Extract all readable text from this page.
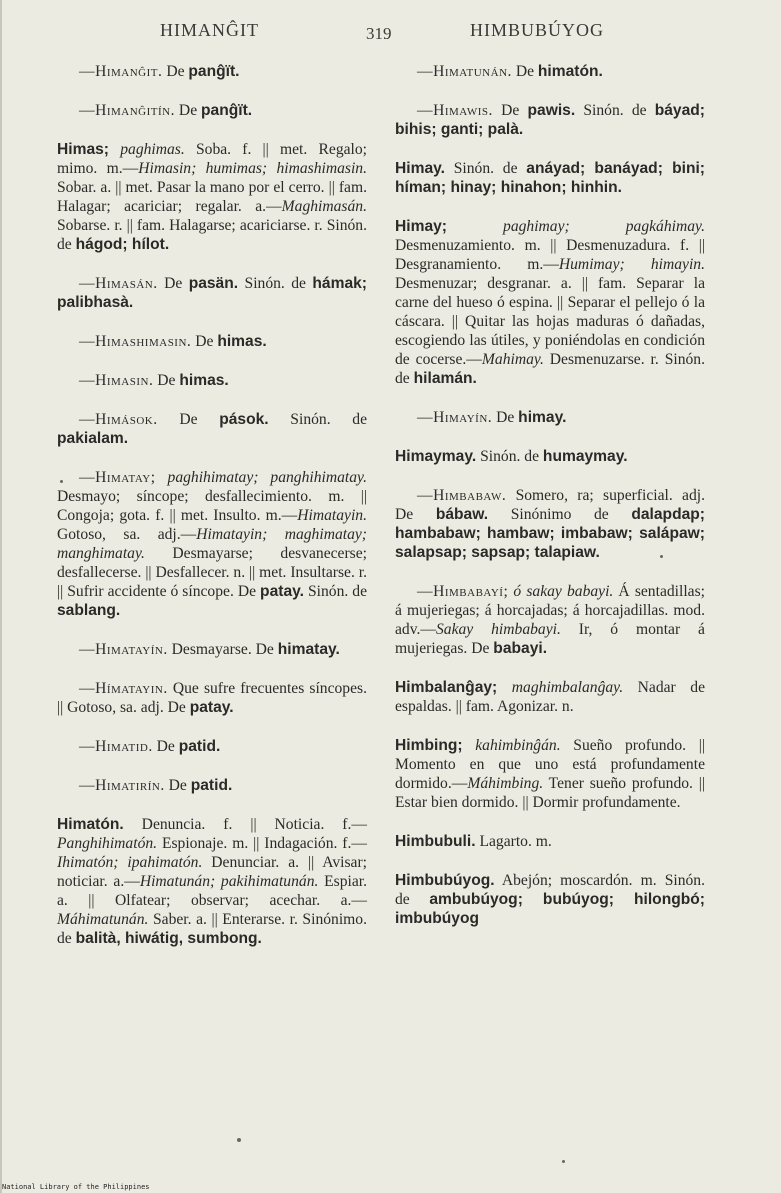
HIMANĜIT	319	HIMBUBÚYOG

—Himanĝit. De panĝït.

—Himanĝitín. De panĝït.

Himas; paghimas. Soba. f. || met. Regalo; mimo. m.—Himasin; humimas; himashimasin. Sobar. a. || met. Pasar la mano por el cerro. || fam. Halagar; acariciar; regalar. a.—Maghimasán. Sobarse. r. || fam. Halagarse; acariciarse. r. Sinón. de hágod; hílot.

—Himasán. De pasän. Sinón. de hámak; palibhasà.

—Himashimasin. De himas.

—Himasin. De himas.

—Himások. De pások. Sinón. de pakialam.

—Himatay; paghihimatay; panghihimatay. Desmayo; síncope; desfallecimiento. m. || Congoja; gota. f. || met. Insulto. m.—Himatayin. Gotoso, sa. adj.—Himatayin; maghimatay; manghimatay. Desmayarse; desvanecerse; desfallecerse. || Desfallecer. n. || met. Insultarse. r. || Sufrir accidente ó síncope. De patay. Sinón. de sablang.

—Himatayín. Desmayarse. De himatay.

—Hímatayin. Que sufre frecuentes síncopes. || Gotoso, sa. adj. De patay.

—Himatid. De patid.

—Himatirín. De patid.

Himatón. Denuncia. f. || Noticia. f.—Panghihimatón. Espionaje. m. || Indagación. f.—Ihimatón; ipahimatón. Denunciar. a. || Avisar; noticiar. a.—Himatunán; pakihimatunán. Espiar. a. || Olfatear; observar; acechar. a.—Máhimatunán. Saber. a. || Enterarse. r. Sinónimo. de balità, hiwátig, sumbong.

—Himatunán. De himatón.

—Himawis. De pawis. Sinón. de báyad; bihis; ganti; palà.

Himay. Sinón. de anáyad; banáyad; bini; híman; hinay; hinahon; hinhin.

Himay;	paghimay; pagkáhimay. Desmenuzamiento. m. || Desmenuzadura. f. || Desgranamiento. m.—Humimay; himayin. Desmenuzar; desgranar. a. || fam. Separar la carne del hueso ó espina. || Separar el pellejo ó la cáscara. || Quitar las hojas maduras ó dañadas, escogiendo las útiles, y poniéndolas en condición de cocerse.—Mahimay. Desmenuzarse. r. Sinón. de hilamán.

—Himayín. De himay.

Himaymay. Sinón. de humaymay.

—Himbabaw. Somero, ra; superficial. adj. De bábaw. Sinónimo de dalapdap; hambabaw; hambaw; imbabaw; salápaw; salapsap; sapsap; talapiaw.

—Himbabayí; ó sakay babayi. Á sentadillas; á mujeriegas; á horcajadas; á horcajadillas. mod. adv.—Sakay himbabayi. Ir, ó montar á mujeriegas. De babayi.

Himbalanĝay; maghimbalanĝay. Nadar de espaldas. || fam. Agonizar. n.

Himbing; kahimbinĝán. Sueño profundo. || Momento en que uno está profundamente dormido.—Máhimbing. Tener sueño profundo. || Estar bien dormido. || Dormir profundamente.

Himbubuli. Lagarto. m.

Himbubúyog. Abejón; moscardón. m. Sinón. de ambubúyog; bubúyog; hilongbó; imbubúyog

National Library of the Philippines
